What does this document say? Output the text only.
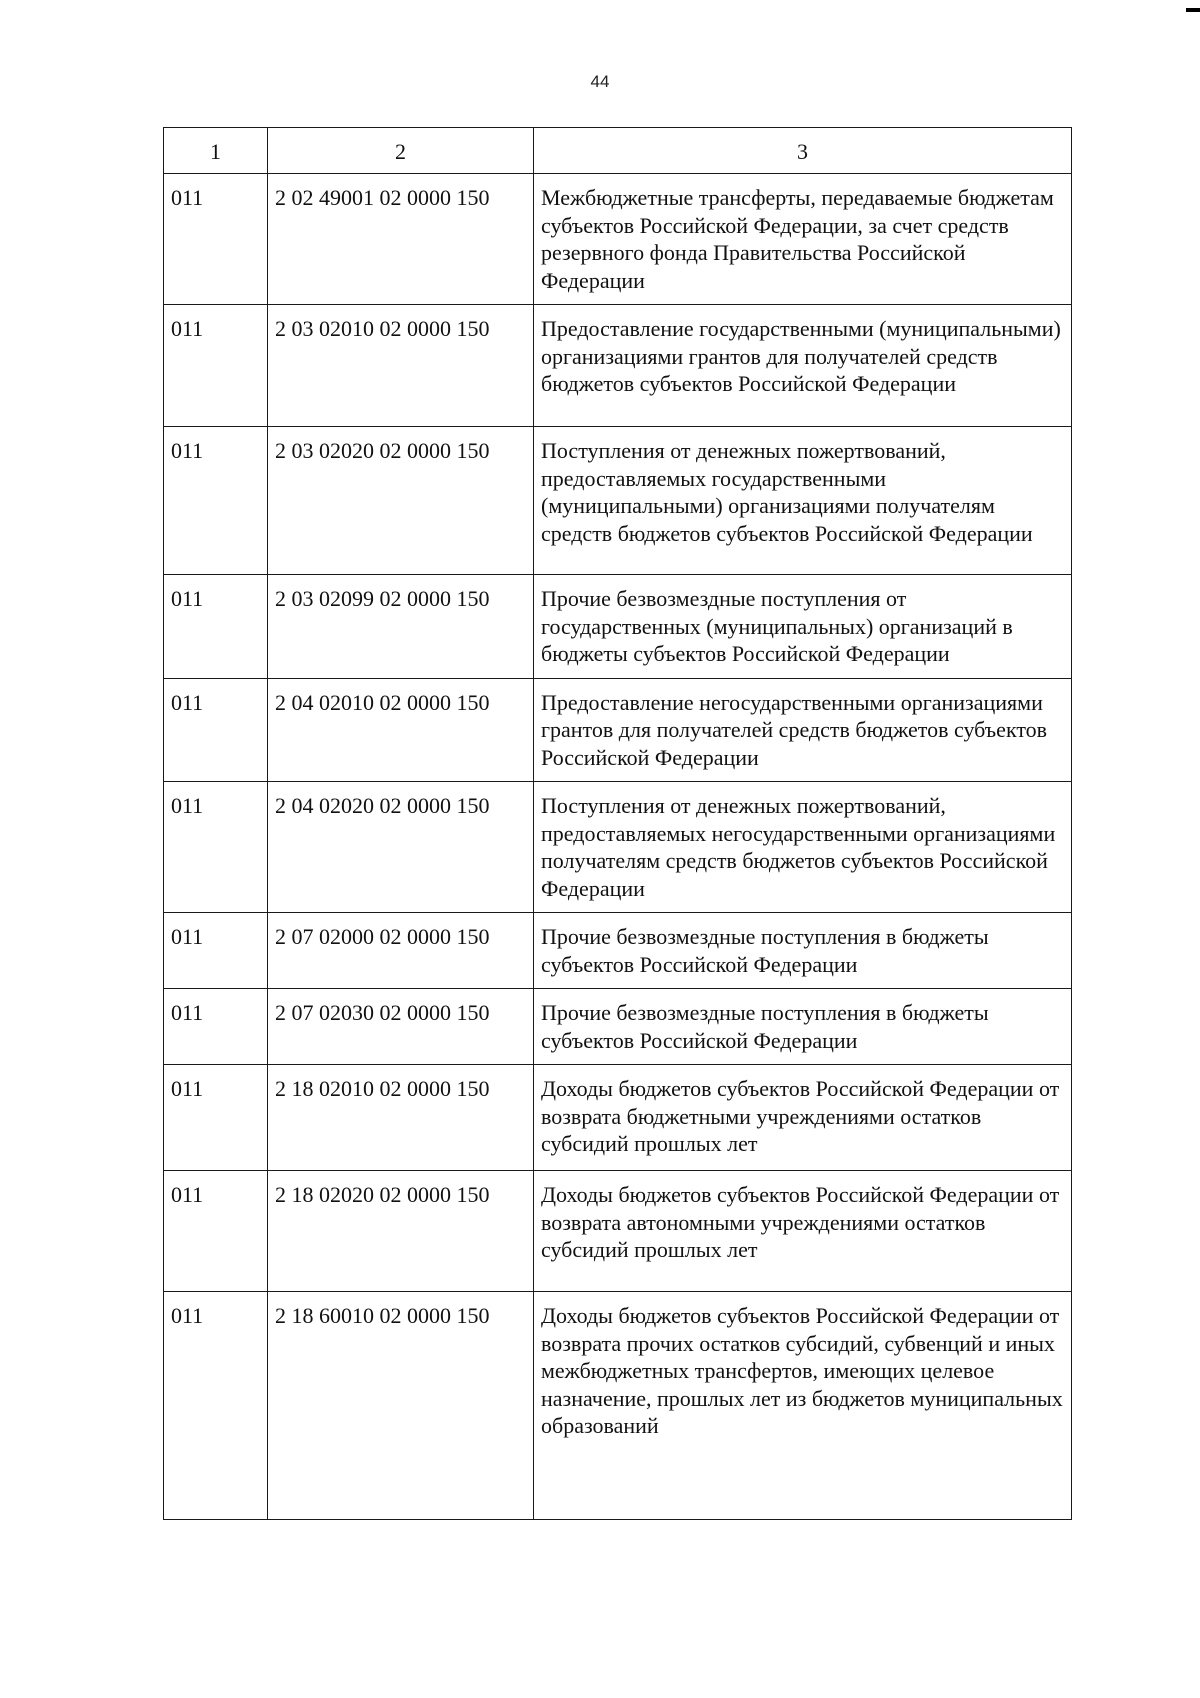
44
1	2	3
011	2 02 49001 02 0000 150	Межбюджетные трансферты, передаваемые бюджетам субъектов Российской Федерации, за счет средств резервного фонда Правительства Российской Федерации
011	2 03 02010 02 0000 150	Предоставление государственными (муниципальными) организациями грантов для получателей средств бюджетов субъектов Российской Федерации
011	2 03 02020 02 0000 150	Поступления от денежных пожертвований, предоставляемых государственными (муниципальными) организациями получателям средств бюджетов субъектов Российской Федерации
011	2 03 02099 02 0000 150	Прочие безвозмездные поступления от государственных (муниципальных) организаций в бюджеты субъектов Российской Федерации
011	2 04 02010 02 0000 150	Предоставление негосударственными организациями грантов для получателей средств бюджетов субъектов Российской Федерации
011	2 04 02020 02 0000 150	Поступления от денежных пожертвований, предоставляемых негосударственными организациями получателям средств бюджетов субъектов Российской Федерации
011	2 07 02000 02 0000 150	Прочие безвозмездные поступления в бюджеты субъектов Российской Федерации
011	2 07 02030 02 0000 150	Прочие безвозмездные поступления в бюджеты субъектов Российской Федерации
011	2 18 02010 02 0000 150	Доходы бюджетов субъектов Российской Федерации от возврата бюджетными учреждениями остатков субсидий прошлых лет
011	2 18 02020 02 0000 150	Доходы бюджетов субъектов Российской Федерации от возврата автономными учреждениями остатков субсидий прошлых лет
011	2 18 60010 02 0000 150	Доходы бюджетов субъектов Российской Федерации от возврата прочих остатков субсидий, субвенций и иных межбюджетных трансфертов, имеющих целевое назначение, прошлых лет из бюджетов муниципальных образований
